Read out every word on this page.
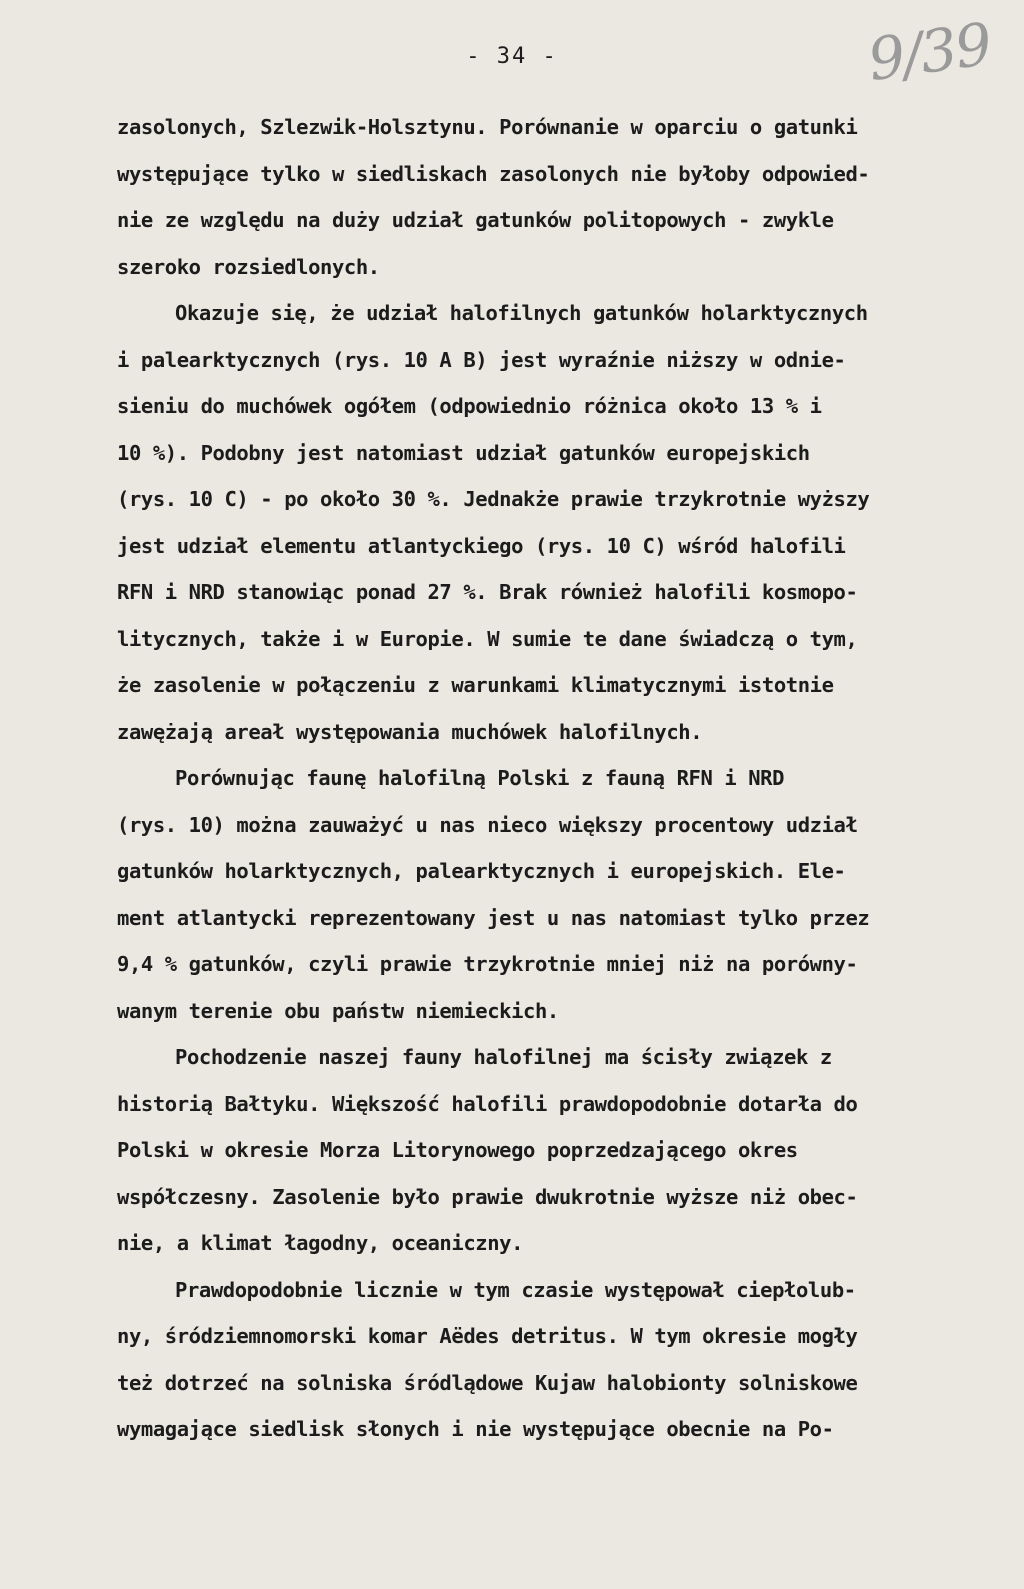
- 34 -	9/39
zasolonych, Szlezwik-Holsztynu. Porównanie w oparciu o gatunki
występujące tylko w siedliskach zasolonych nie byłoby odpowied-
nie ze względu na duży udział gatunków politopowych - zwykle
szeroko rozsiedlonych.
Okazuje się, że udział halofilnych gatunków holarktycznych
i palearktycznych (rys. 10 A B) jest wyraźnie niższy w odnie-
sieniu do muchówek ogółem (odpowiednio różnica około 13 % i
10 %). Podobny jest natomiast udział gatunków europejskich
(rys. 10 C) - po około 30 %. Jednakże prawie trzykrotnie wyższy
jest udział elementu atlantyckiego (rys. 10 C) wśród halofili
RFN i NRD stanowiąc ponad 27 %. Brak również halofili kosmopo-
litycznych, także i w Europie. W sumie te dane świadczą o tym,
że zasolenie w połączeniu z warunkami klimatycznymi istotnie
zawężają areał występowania muchówek halofilnych.
Porównując faunę halofilną Polski z fauną RFN i NRD
(rys. 10) można zauważyć u nas nieco większy procentowy udział
gatunków holarktycznych, palearktycznych i europejskich. Ele-
ment atlantycki reprezentowany jest u nas natomiast tylko przez
9,4 % gatunków, czyli prawie trzykrotnie mniej niż na porówny-
wanym terenie obu państw niemieckich.
Pochodzenie naszej fauny halofilnej ma ścisły związek z
historią Bałtyku. Większość halofili prawdopodobnie dotarła do
Polski w okresie Morza Litorynowego poprzedzającego okres
współczesny. Zasolenie było prawie dwukrotnie wyższe niż obec-
nie, a klimat łagodny, oceaniczny.
Prawdopodobnie licznie w tym czasie występował ciepłolub-
ny, śródziemnomorski komar Aëdes detritus. W tym okresie mogły
też dotrzeć na solniska śródlądowe Kujaw halobionty solniskowe
wymagające siedlisk słonych i nie występujące obecnie na Po-
